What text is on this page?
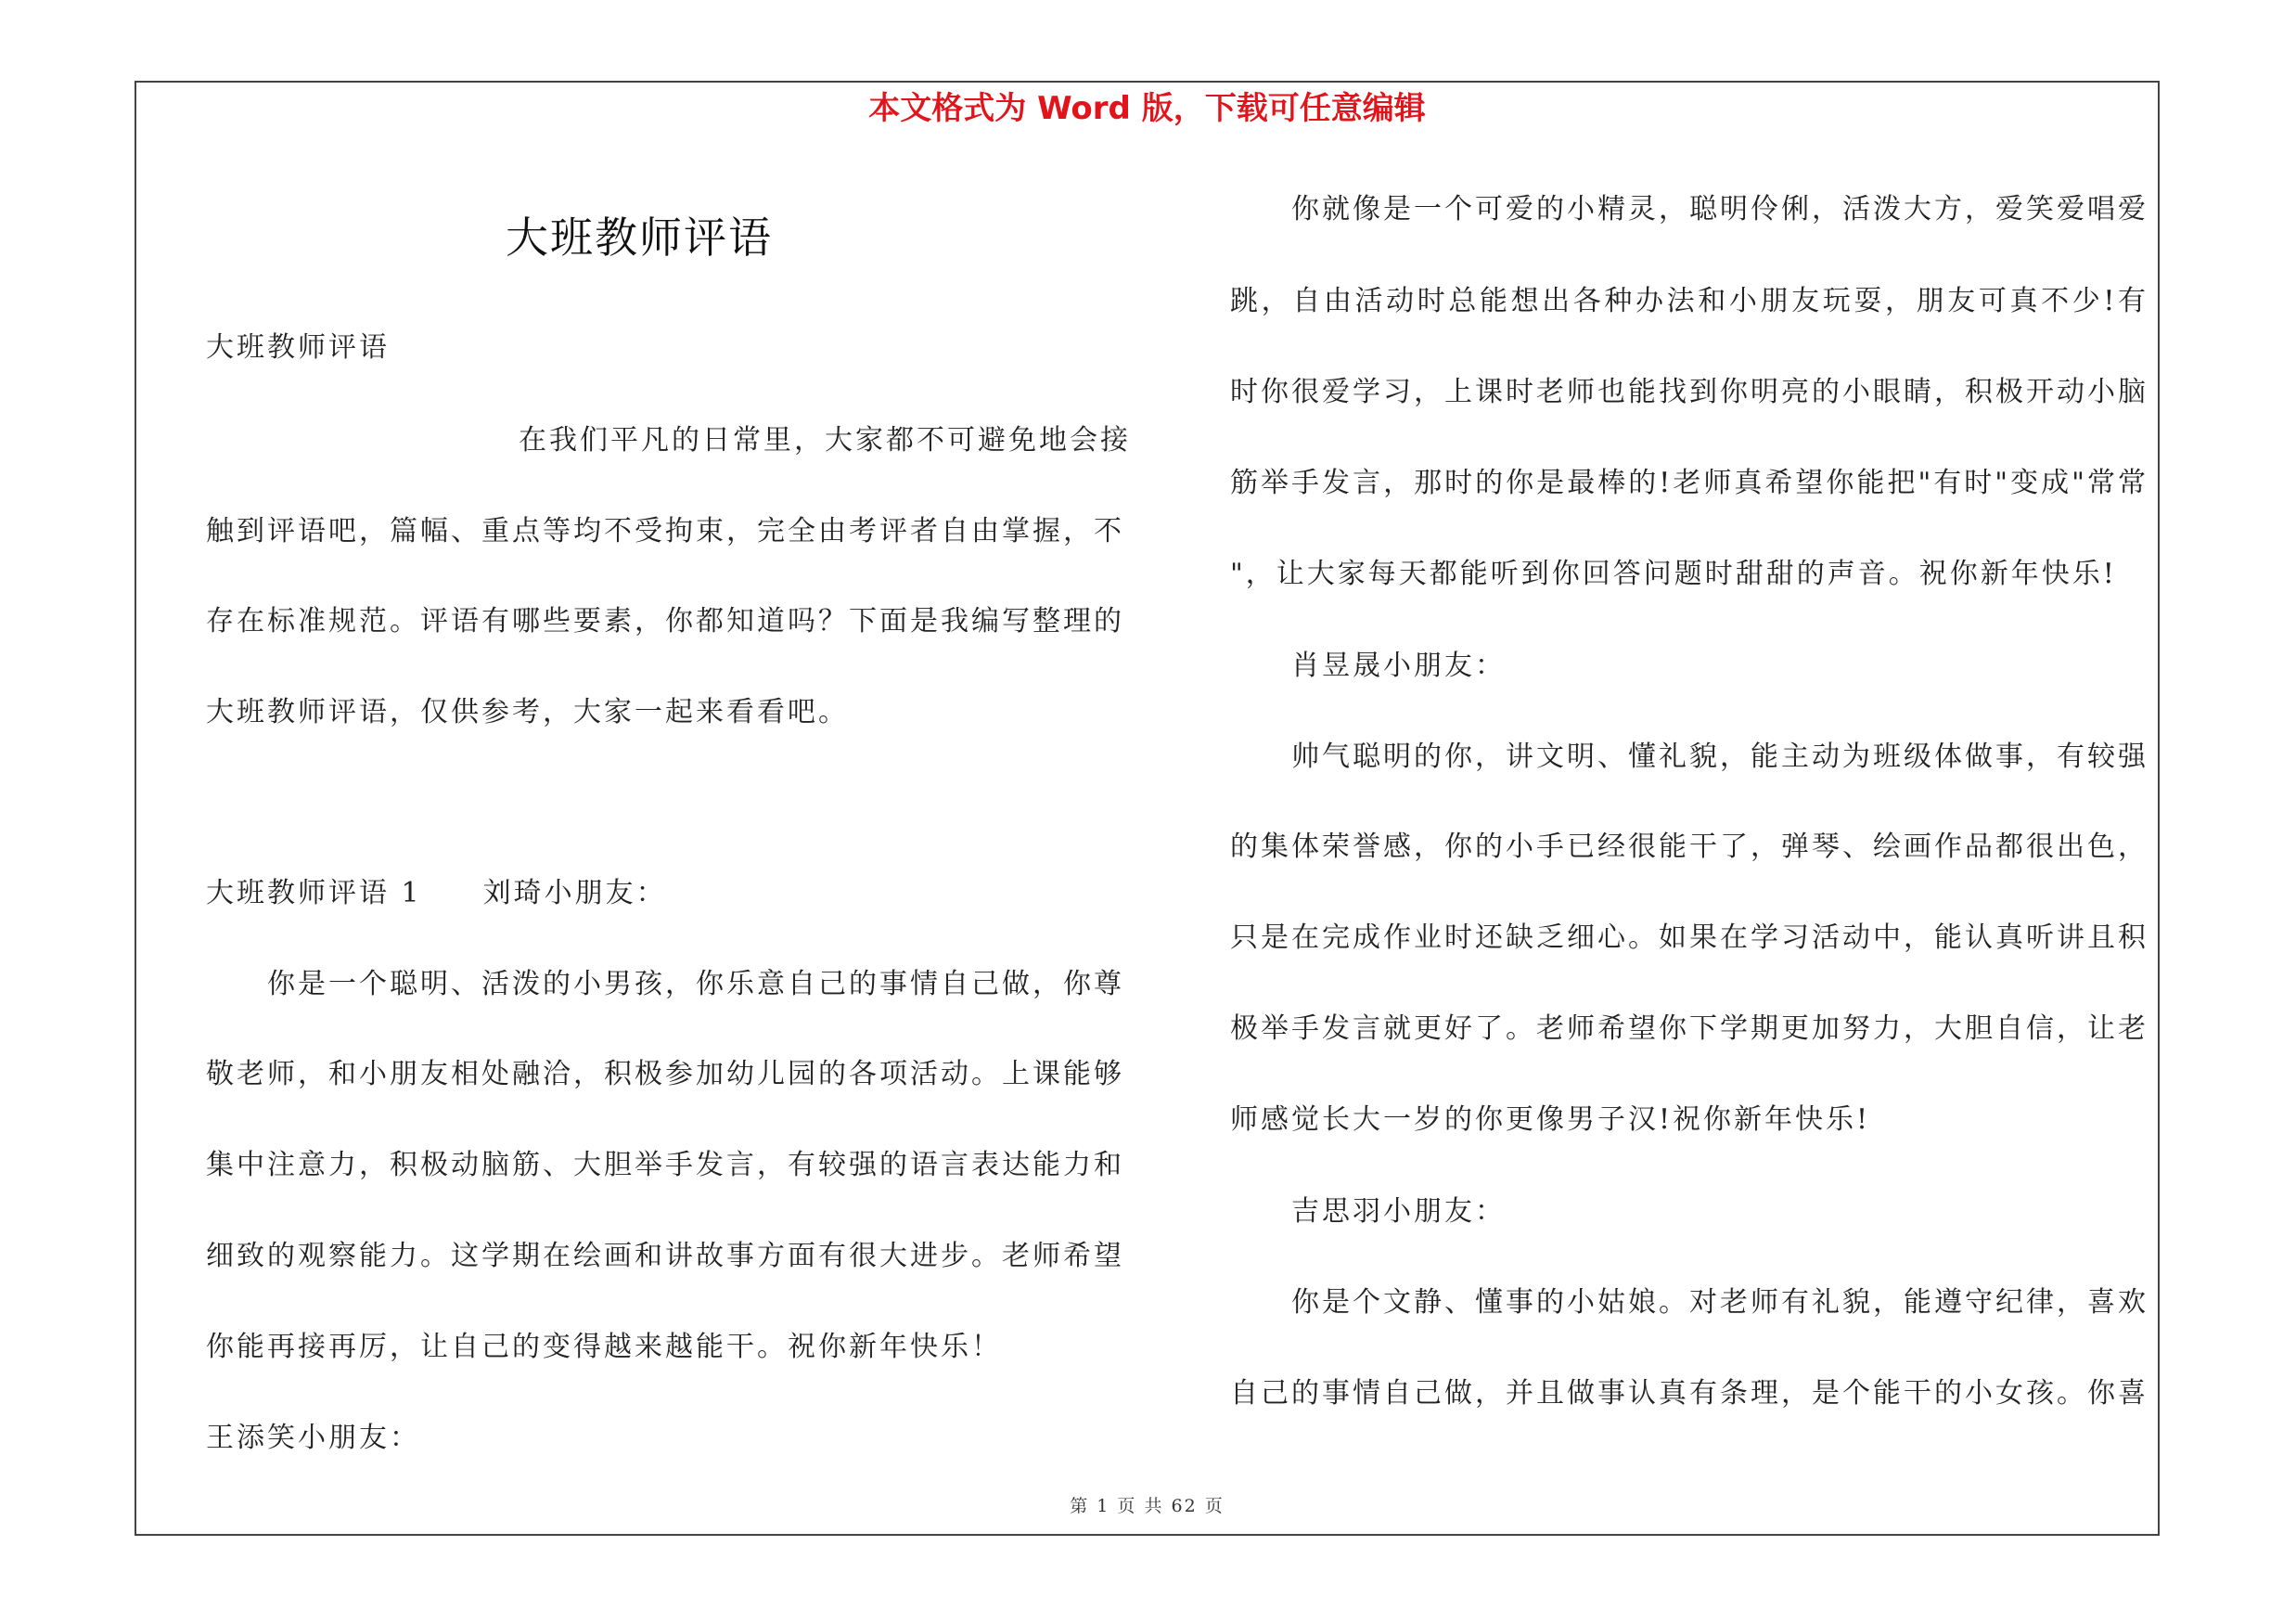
本文格式为 Word 版，下载可任意编辑
大班教师评语
大班教师评语
在我们平凡的日常里，大家都不可避免地会接
触到评语吧，篇幅、重点等均不受拘束，完全由考评者自由掌握，不
存在标准规范。评语有哪些要素，你都知道吗？下面是我编写整理的
大班教师评语，仅供参考，大家一起来看看吧。
大班教师评语 1　　刘琦小朋友：
你是一个聪明、活泼的小男孩，你乐意自己的事情自己做，你尊
敬老师，和小朋友相处融洽，积极参加幼儿园的各项活动。上课能够
集中注意力，积极动脑筋、大胆举手发言，有较强的语言表达能力和
细致的观察能力。这学期在绘画和讲故事方面有很大进步。老师希望
你能再接再厉，让自己的变得越来越能干。祝你新年快乐！
王添笑小朋友：
你就像是一个可爱的小精灵，聪明伶俐，活泼大方，爱笑爱唱爱
跳，自由活动时总能想出各种办法和小朋友玩耍，朋友可真不少!有
时你很爱学习，上课时老师也能找到你明亮的小眼睛，积极开动小脑
筋举手发言，那时的你是最棒的!老师真希望你能把"有时"变成"常常
"，让大家每天都能听到你回答问题时甜甜的声音。祝你新年快乐!
肖昱晟小朋友：
帅气聪明的你，讲文明、懂礼貌，能主动为班级体做事，有较强
的集体荣誉感，你的小手已经很能干了，弹琴、绘画作品都很出色，
只是在完成作业时还缺乏细心。如果在学习活动中，能认真听讲且积
极举手发言就更好了。老师希望你下学期更加努力，大胆自信，让老
师感觉长大一岁的你更像男子汉!祝你新年快乐!
吉思羽小朋友：
你是个文静、懂事的小姑娘。对老师有礼貌，能遵守纪律，喜欢
自己的事情自己做，并且做事认真有条理，是个能干的小女孩。你喜
第 1 页 共 62 页
